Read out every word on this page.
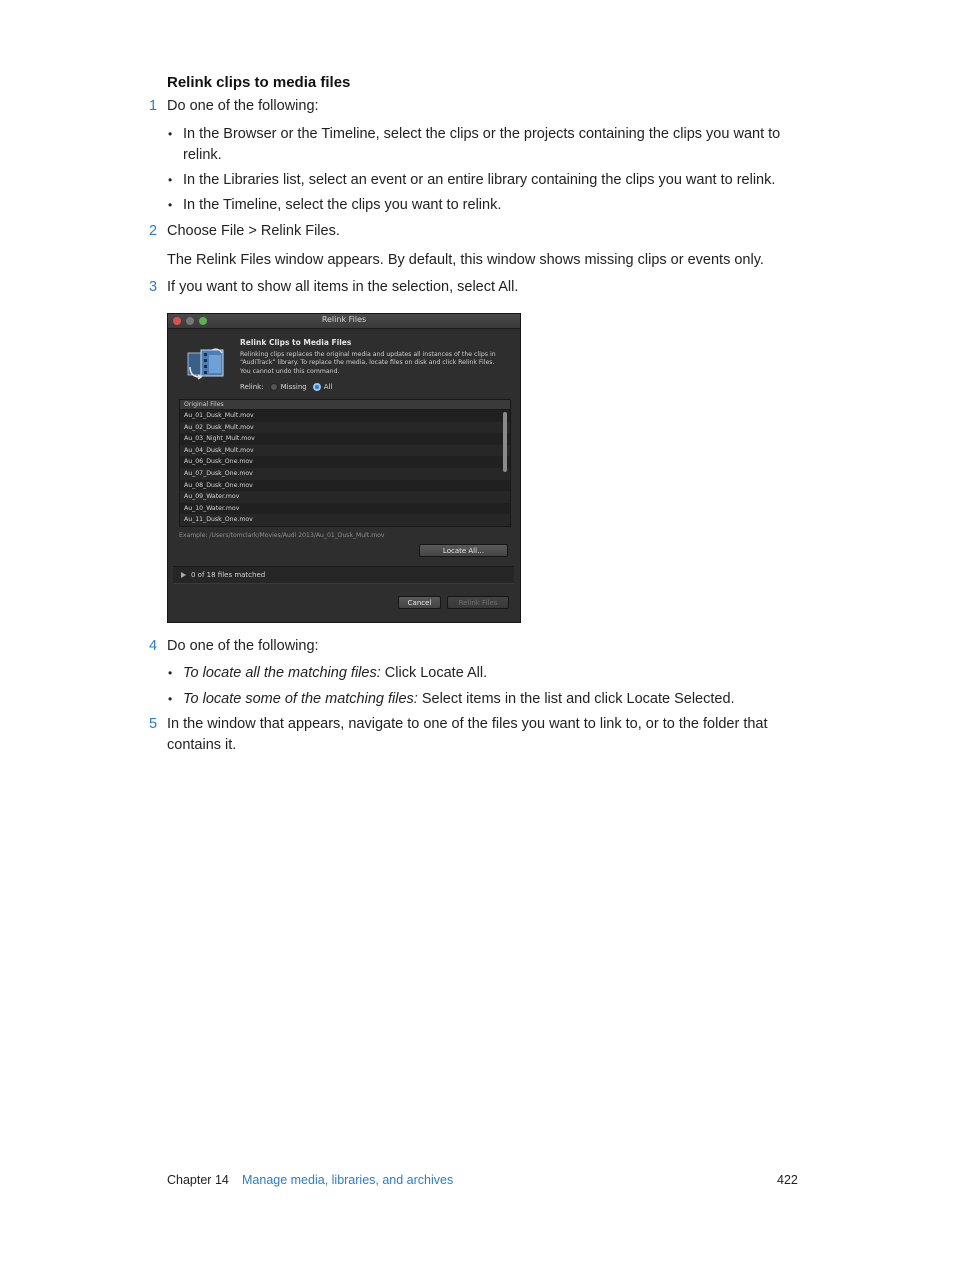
Relink clips to media files
1 Do one of the following:
• In the Browser or the Timeline, select the clips or the projects containing the clips you want to relink.
• In the Libraries list, select an event or an entire library containing the clips you want to relink.
• In the Timeline, select the clips you want to relink.
2 Choose File > Relink Files.
The Relink Files window appears. By default, this window shows missing clips or events only.
3 If you want to show all items in the selection, select All.
Relink Files
Relink Clips to Media Files
Relinking clips replaces the original media and updates all instances of the clips in “AudiTrack” library. To replace the media, locate files on disk and click Relink Files. You cannot undo this command.
Relink: Missing All
Original Files
Au_01_Dusk_Mult.mov
Au_02_Dusk_Mult.mov
Au_03_Night_Mult.mov
Au_04_Dusk_Mult.mov
Au_06_Dusk_One.mov
Au_07_Dusk_One.mov
Au_08_Dusk_One.mov
Au_09_Water.mov
Au_10_Water.mov
Au_11_Dusk_One.mov
Example: /Users/tomclark/Movies/Audi 2013/Au_01_Dusk_Mult.mov
Locate All…
0 of 18 files matched
Cancel	Relink Files
4 Do one of the following:
• To locate all the matching files: Click Locate All.
• To locate some of the matching files: Select items in the list and click Locate Selected.
5 In the window that appears, navigate to one of the files you want to link to, or to the folder that contains it.
Chapter 14 Manage media, libraries, and archives	422
